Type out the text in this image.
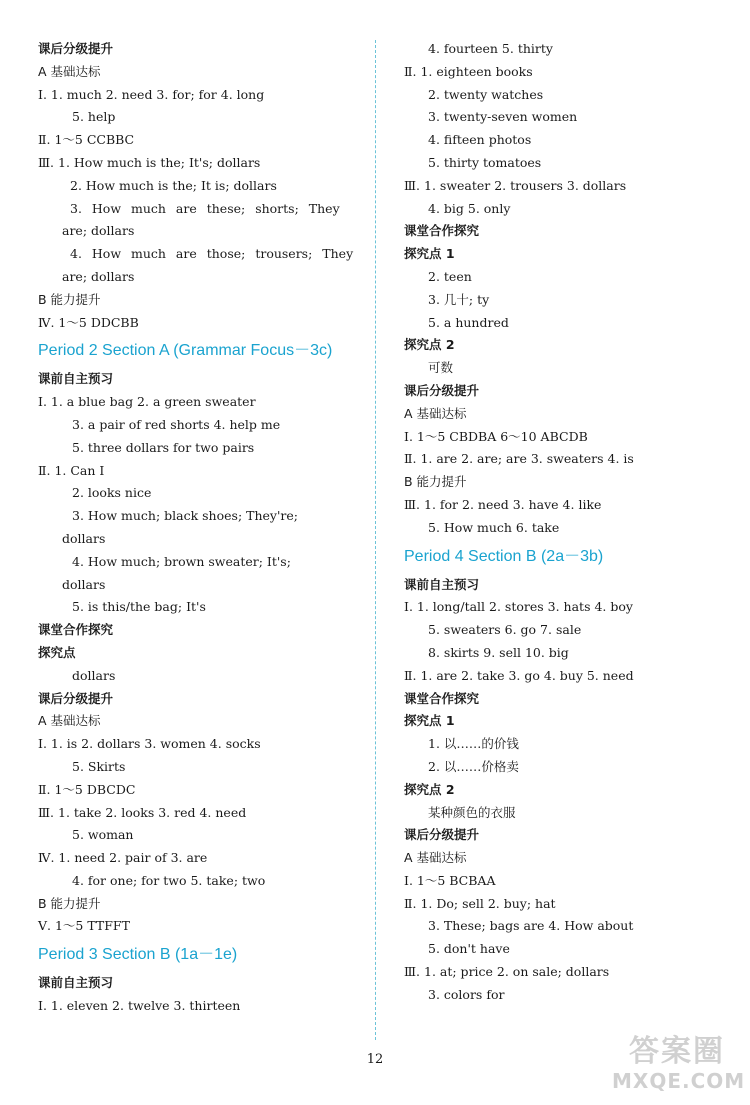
课后分级提升
A 基础达标
Ⅰ. 1. much 2. need 3. for; for 4. long
5. help
Ⅱ. 1～5 CCBBC
Ⅲ. 1. How much is the; It's; dollars
2. How much is the; It is; dollars
3. How much are these; shorts; They
are; dollars
4. How much are those; trousers; They
are; dollars
B 能力提升
Ⅳ. 1～5 DDCBB
Period 2 Section A (Grammar Focus－3c)
课前自主预习
Ⅰ. 1. a blue bag 2. a green sweater
3. a pair of red shorts 4. help me
5. three dollars for two pairs
Ⅱ. 1. Can I
2. looks nice
3. How much; black shoes; They're;
dollars
4. How much; brown sweater; It's;
dollars
5. is this/the bag; It's
课堂合作探究
探究点
dollars
课后分级提升
A 基础达标
Ⅰ. 1. is 2. dollars 3. women 4. socks
5. Skirts
Ⅱ. 1～5 DBCDC
Ⅲ. 1. take 2. looks 3. red 4. need
5. woman
Ⅳ. 1. need 2. pair of 3. are
4. for one; for two 5. take; two
B 能力提升
Ⅴ. 1～5 TTFFT
Period 3 Section B (1a－1e)
课前自主预习
Ⅰ. 1. eleven 2. twelve 3. thirteen
4. fourteen 5. thirty
Ⅱ. 1. eighteen books
2. twenty watches
3. twenty-seven women
4. fifteen photos
5. thirty tomatoes
Ⅲ. 1. sweater 2. trousers 3. dollars
4. big 5. only
课堂合作探究
探究点 1
2. teen
3. 几十; ty
5. a hundred
探究点 2
可数
课后分级提升
A 基础达标
Ⅰ. 1～5 CBDBA 6～10 ABCDB
Ⅱ. 1. are 2. are; are 3. sweaters 4. is
B 能力提升
Ⅲ. 1. for 2. need 3. have 4. like
5. How much 6. take
Period 4 Section B (2a－3b)
课前自主预习
Ⅰ. 1. long/tall 2. stores 3. hats 4. boy
5. sweaters 6. go 7. sale
8. skirts 9. sell 10. big
Ⅱ. 1. are 2. take 3. go 4. buy 5. need
课堂合作探究
探究点 1
1. 以……的价钱
2. 以……价格卖
探究点 2
某种颜色的衣服
课后分级提升
A 基础达标
Ⅰ. 1～5 BCBAA
Ⅱ. 1. Do; sell 2. buy; hat
3. These; bags are 4. How about
5. don't have
Ⅲ. 1. at; price 2. on sale; dollars
3. colors for
12	答案圈
MXQE.COM
